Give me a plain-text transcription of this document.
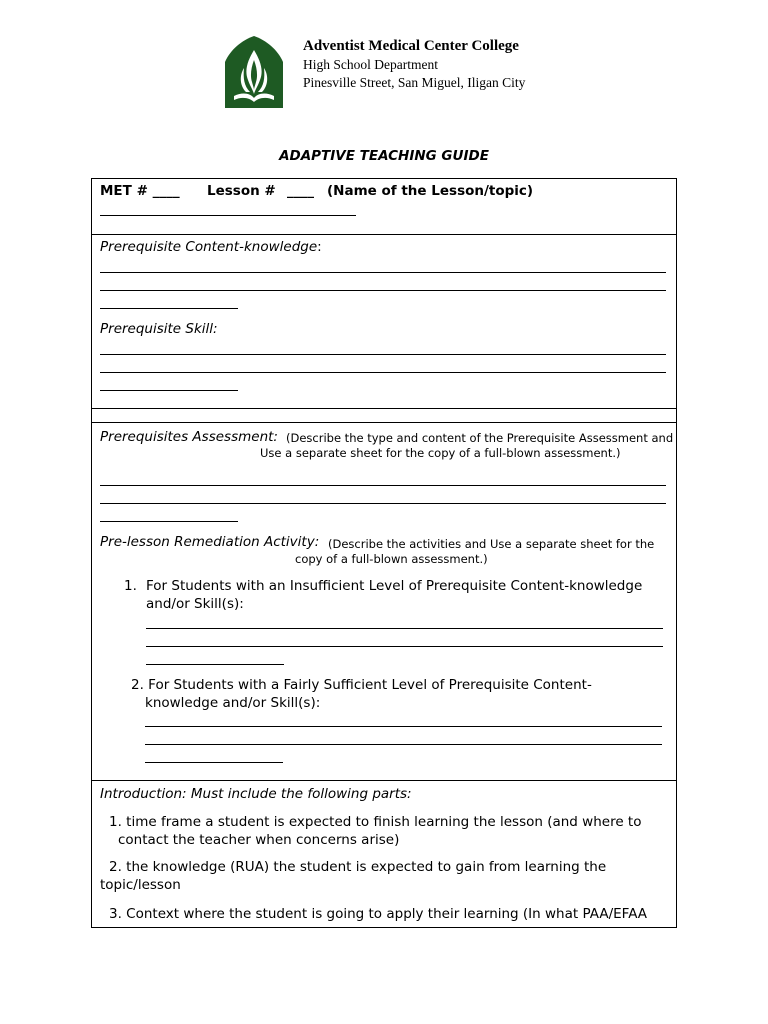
Adventist Medical Center College
High School Department
Pinesville Street, San Miguel, Iligan City
ADAPTIVE TEACHING GUIDE
MET # ____ Lesson # ____ (Name of the Lesson/topic)
Prerequisite Content-knowledge:
Prerequisite Skill:
Prerequisites Assessment: (Describe the type and content of the Prerequisite Assessment and
Use a separate sheet for the copy of a full-blown assessment.)
Pre-lesson Remediation Activity: (Describe the activities and Use a separate sheet for the
copy of a full-blown assessment.)
1. For Students with an Insufficient Level of Prerequisite Content-knowledge
and/or Skill(s):
2. For Students with a Fairly Sufficient Level of Prerequisite Content-
knowledge and/or Skill(s):
Introduction: Must include the following parts:
1. time frame a student is expected to finish learning the lesson (and where to
contact the teacher when concerns arise)
2. the knowledge (RUA) the student is expected to gain from learning the
topic/lesson
3. Context where the student is going to apply their learning (In what PAA/EFAA
